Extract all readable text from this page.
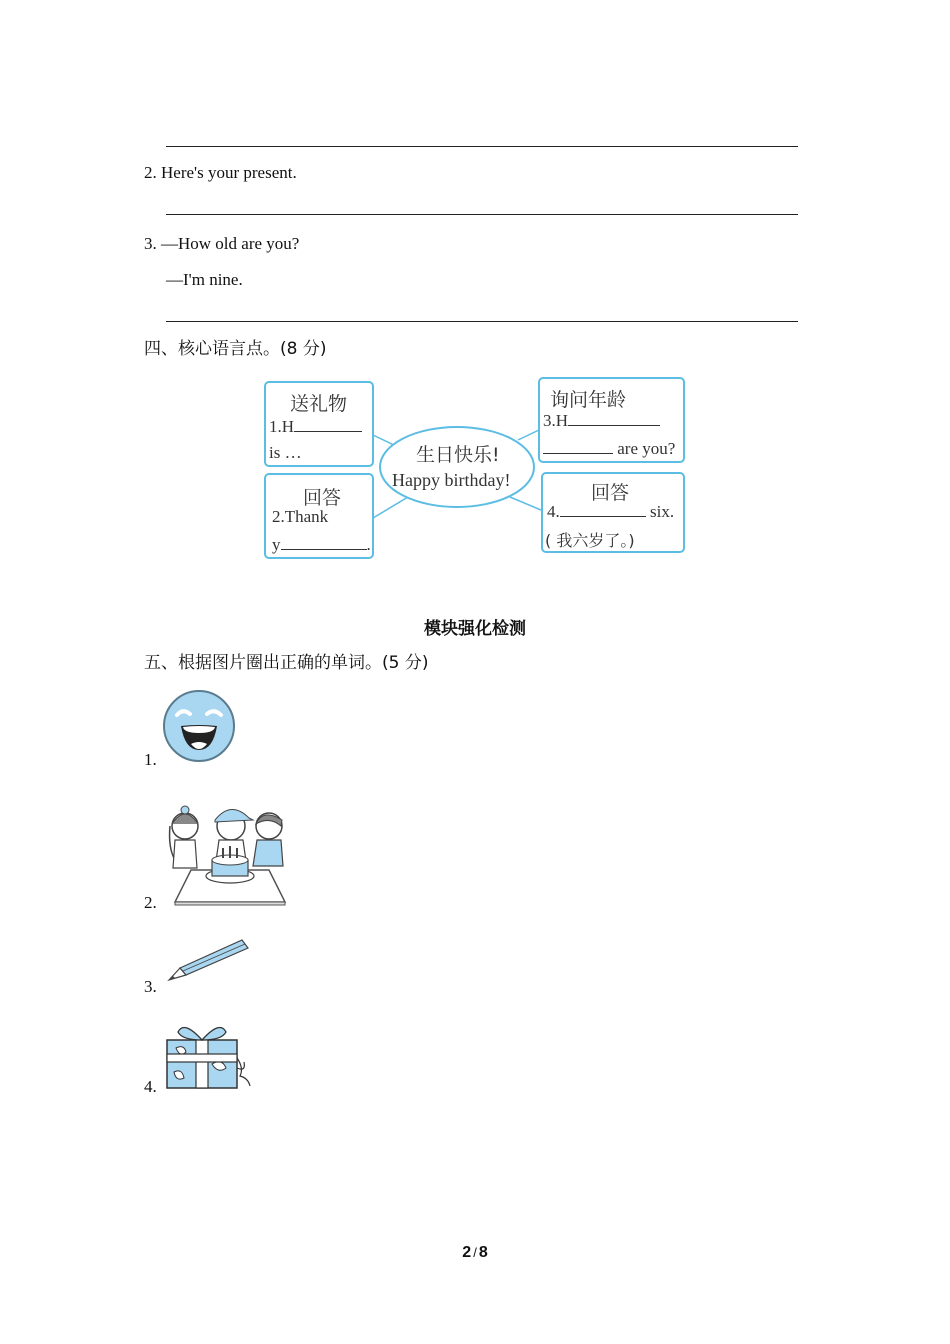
2. Here's your present.
3. —How old are you?
—I'm nine.
四、核心语言点。(8 分)
生日快乐!
Happy birthday!
送礼物
1.H
is …
回答
2.Thank
y	.
询问年龄
3.H
are you?
回答
4.	six.
( 我六岁了。)
模块强化检测
五、根据图片圈出正确的单词。(5 分)
1.
2.
3.
4.
2 / 8
